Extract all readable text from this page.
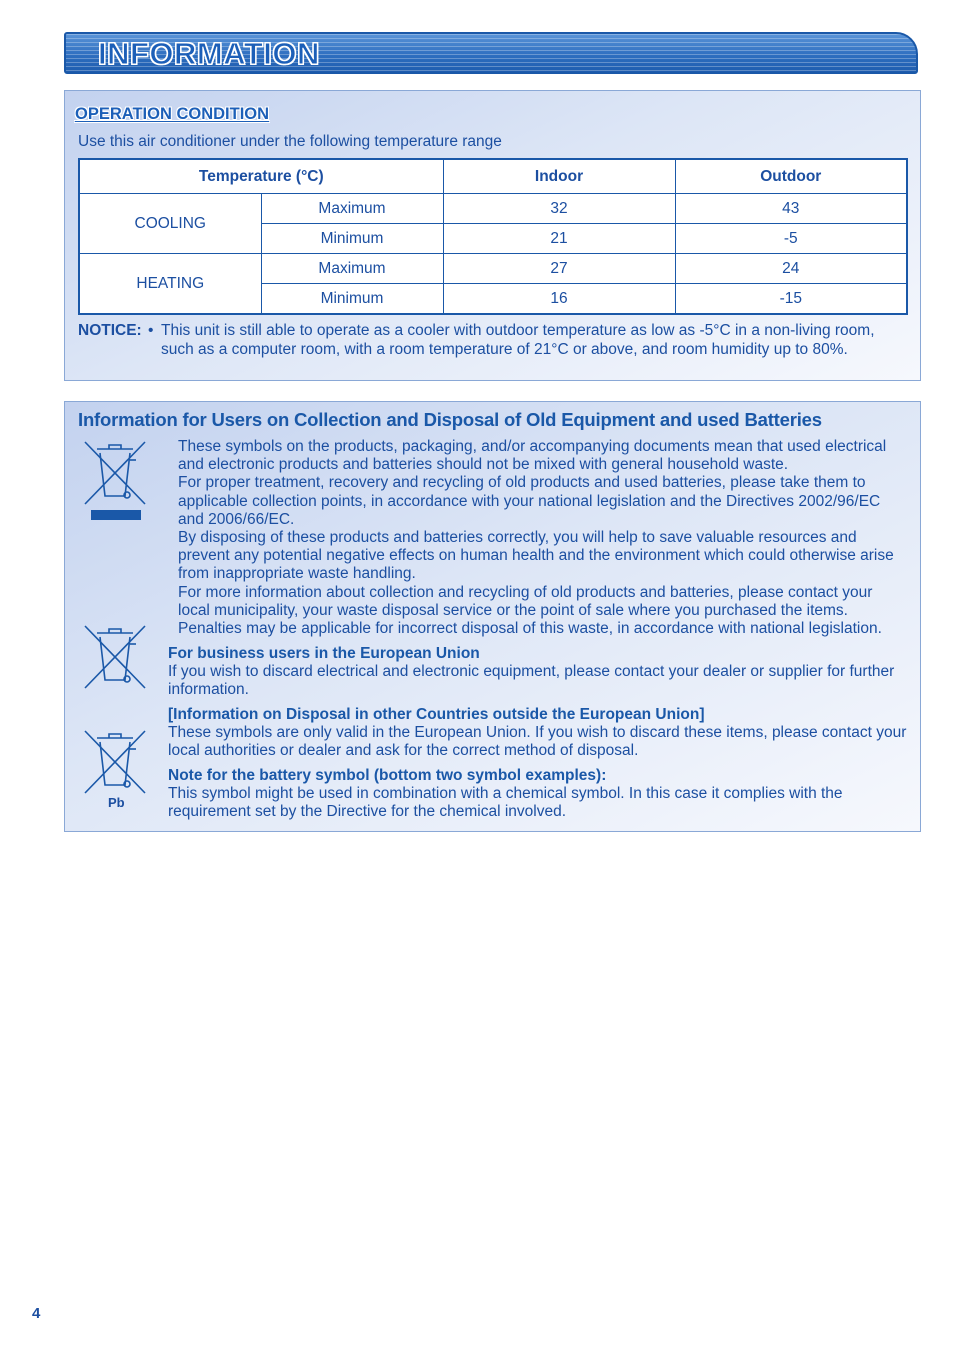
INFORMATION
OPERATION CONDITION
Use this air conditioner under the following temperature range
Temperature (°C)		Indoor	Outdoor
COOLING	Maximum	32	43
	Minimum	21	-5
HEATING	Maximum	27	24
	Minimum	16	-15
NOTICE: • This unit is still able to operate as a cooler with outdoor temperature as low as -5°C in a non-living room, such as a computer room, with a room temperature of 21°C or above, and room humidity up to 80%.
Information for Users on Collection and Disposal of Old Equipment and used Batteries
Pb
These symbols on the products, packaging, and/or accompanying documents mean that used electrical and electronic products and batteries should not be mixed with general household waste.
For proper treatment, recovery and recycling of old products and used batteries, please take them to applicable collection points, in accordance with your national legislation and the Directives 2002/96/EC and 2006/66/EC.
By disposing of these products and batteries correctly, you will help to save valuable resources and prevent any potential negative effects on human health and the environment which could otherwise arise from inappropriate waste handling.
For more information about collection and recycling of old products and batteries, please contact your local municipality, your waste disposal service or the point of sale where you purchased the items.
Penalties may be applicable for incorrect disposal of this waste, in accordance with national legislation.
For business users in the European Union
If you wish to discard electrical and electronic equipment, please contact your dealer or supplier for further information.
[Information on Disposal in other Countries outside the European Union]
These symbols are only valid in the European Union. If you wish to discard these items, please contact your local authorities or dealer and ask for the correct method of disposal.
Note for the battery symbol (bottom two symbol examples):
This symbol might be used in combination with a chemical symbol. In this case it complies with the requirement set by the Directive for the chemical involved.
4
